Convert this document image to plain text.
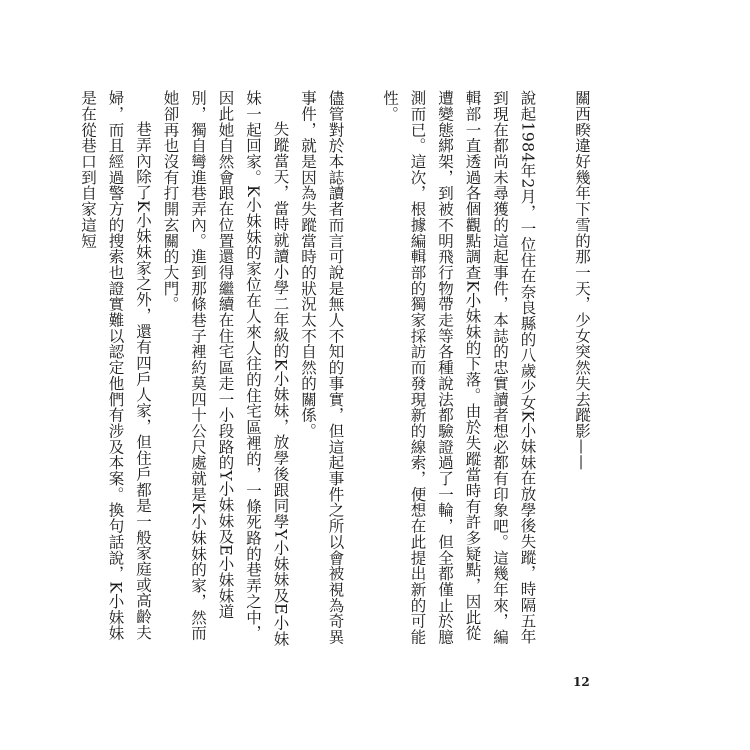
關西睽違好幾年下雪的那一天，少女突然失去蹤影——

說起1984年2月，一位住在奈良縣的八歲少女K小妹妹在放學後失蹤，時隔五年到現在都尚未尋獲的這起事件，本誌的忠實讀者想必都有印象吧。這幾年來，編輯部一直透過各個觀點調查K小妹妹的下落。由於失蹤當時有許多疑點，因此從遭變態綁架，到被不明飛行物帶走等各種說法都驗證過了一輪，但全都僅止於臆測而已。這次，根據編輯部的獨家採訪而發現新的線索，便想在此提出新的可能性。

儘管對於本誌讀者而言可說是無人不知的事實，但這起事件之所以會被視為奇異事件，就是因為失蹤當時的狀況太不自然的關係。

失蹤當天，當時就讀小學二年級的K小妹妹，放學後跟同學Y小妹妹及E小妹妹一起回家。K小妹妹的家位在人來人往的住宅區裡的，一條死路的巷弄之中，因此她自然會跟在位置還得繼續在住宅區走一小段路的Y小妹妹及E小妹妹道別，獨自彎進巷弄內。進到那條巷子裡約莫四十公尺處就是K小妹妹的家，然而她卻再也沒有打開玄關的大門。

巷弄內除了K小妹妹家之外，還有四戶人家，但住戶都是一般家庭或高齡夫婦，而且經過警方的搜索也證實難以認定他們有涉及本案。換句話說，K小妹妹是在從巷口到自家這短

12
